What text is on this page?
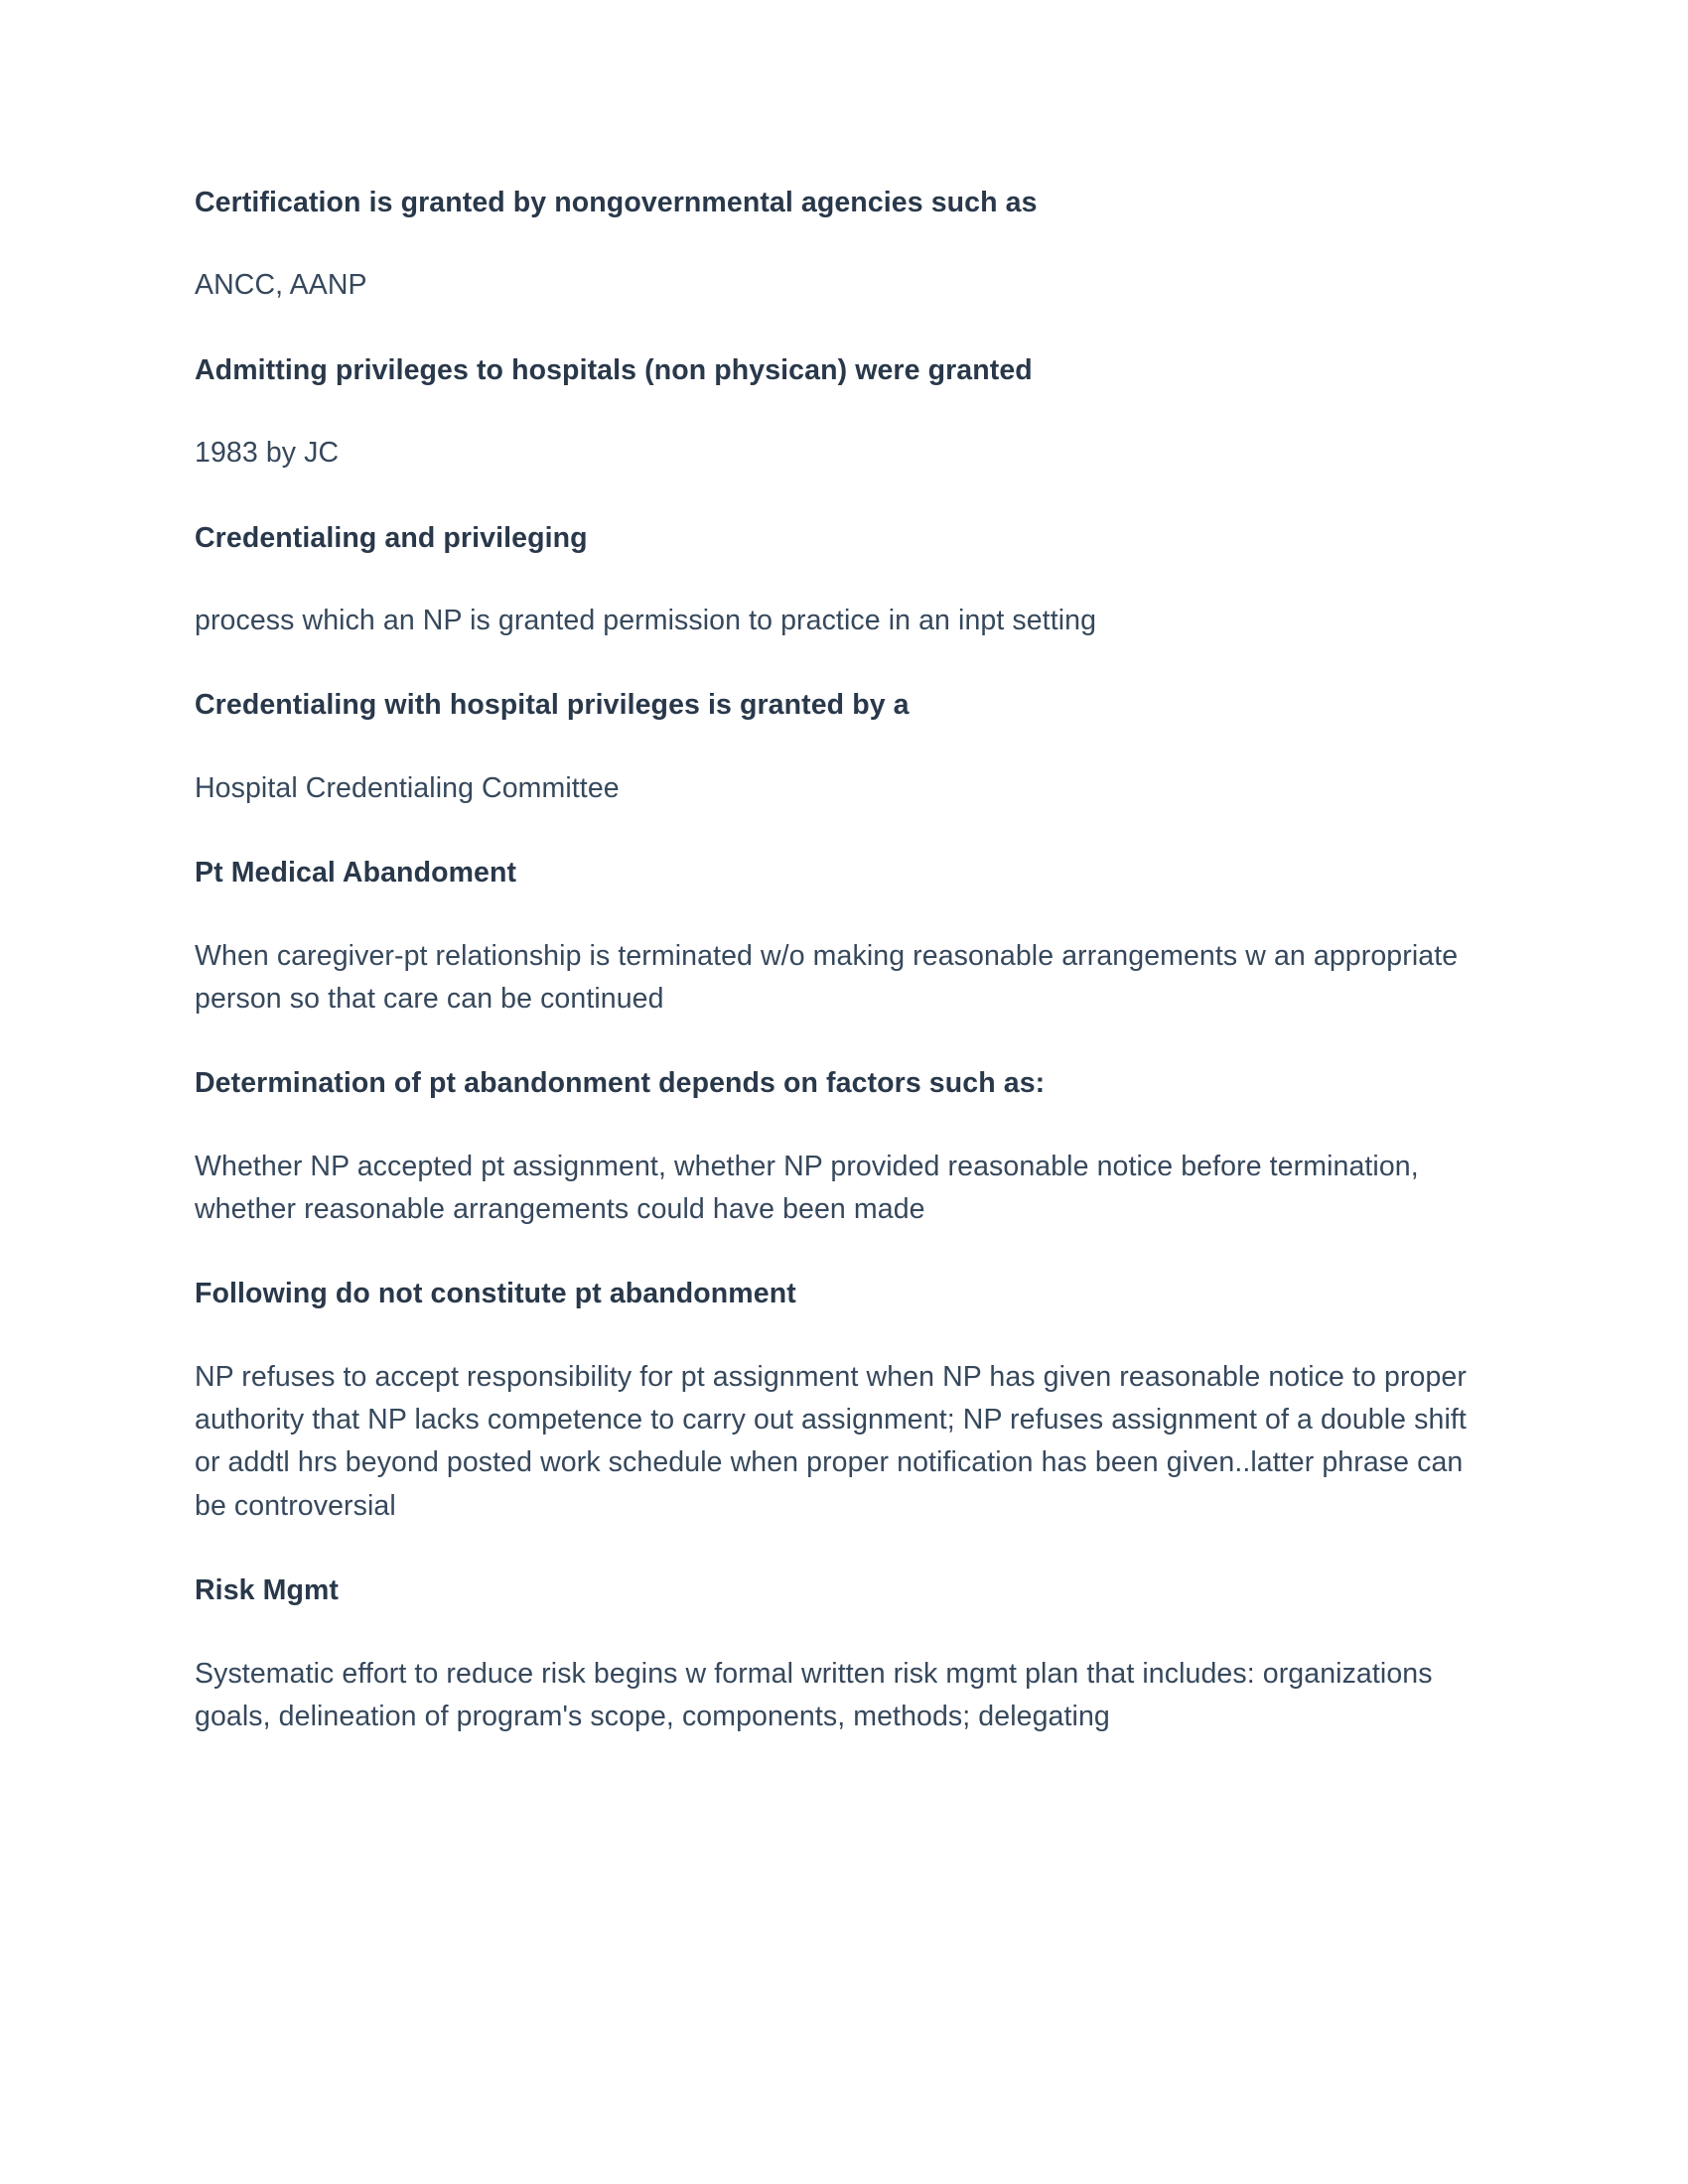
Certification is granted by nongovernmental agencies such as

ANCC, AANP

Admitting privileges to hospitals (non physican) were granted

1983 by JC

Credentialing and privileging

process which an NP is granted permission to practice in an inpt setting

Credentialing with hospital privileges is granted by a

Hospital Credentialing Committee

Pt Medical Abandoment

When caregiver-pt relationship is terminated w/o making reasonable arrangements w an appropriate person so that care can be continued

Determination of pt abandonment depends on factors such as:

Whether NP accepted pt assignment, whether NP provided reasonable notice before termination, whether reasonable arrangements could have been made

Following do not constitute pt abandonment

NP refuses to accept responsibility for pt assignment when NP has given reasonable notice to proper authority that NP lacks competence to carry out assignment; NP refuses assignment of a double shift or addtl hrs beyond posted work schedule when proper notification has been given..latter phrase can be controversial

Risk Mgmt

Systematic effort to reduce risk begins w formal written risk mgmt plan that includes: organizations goals, delineation of program's scope, components, methods; delegating
